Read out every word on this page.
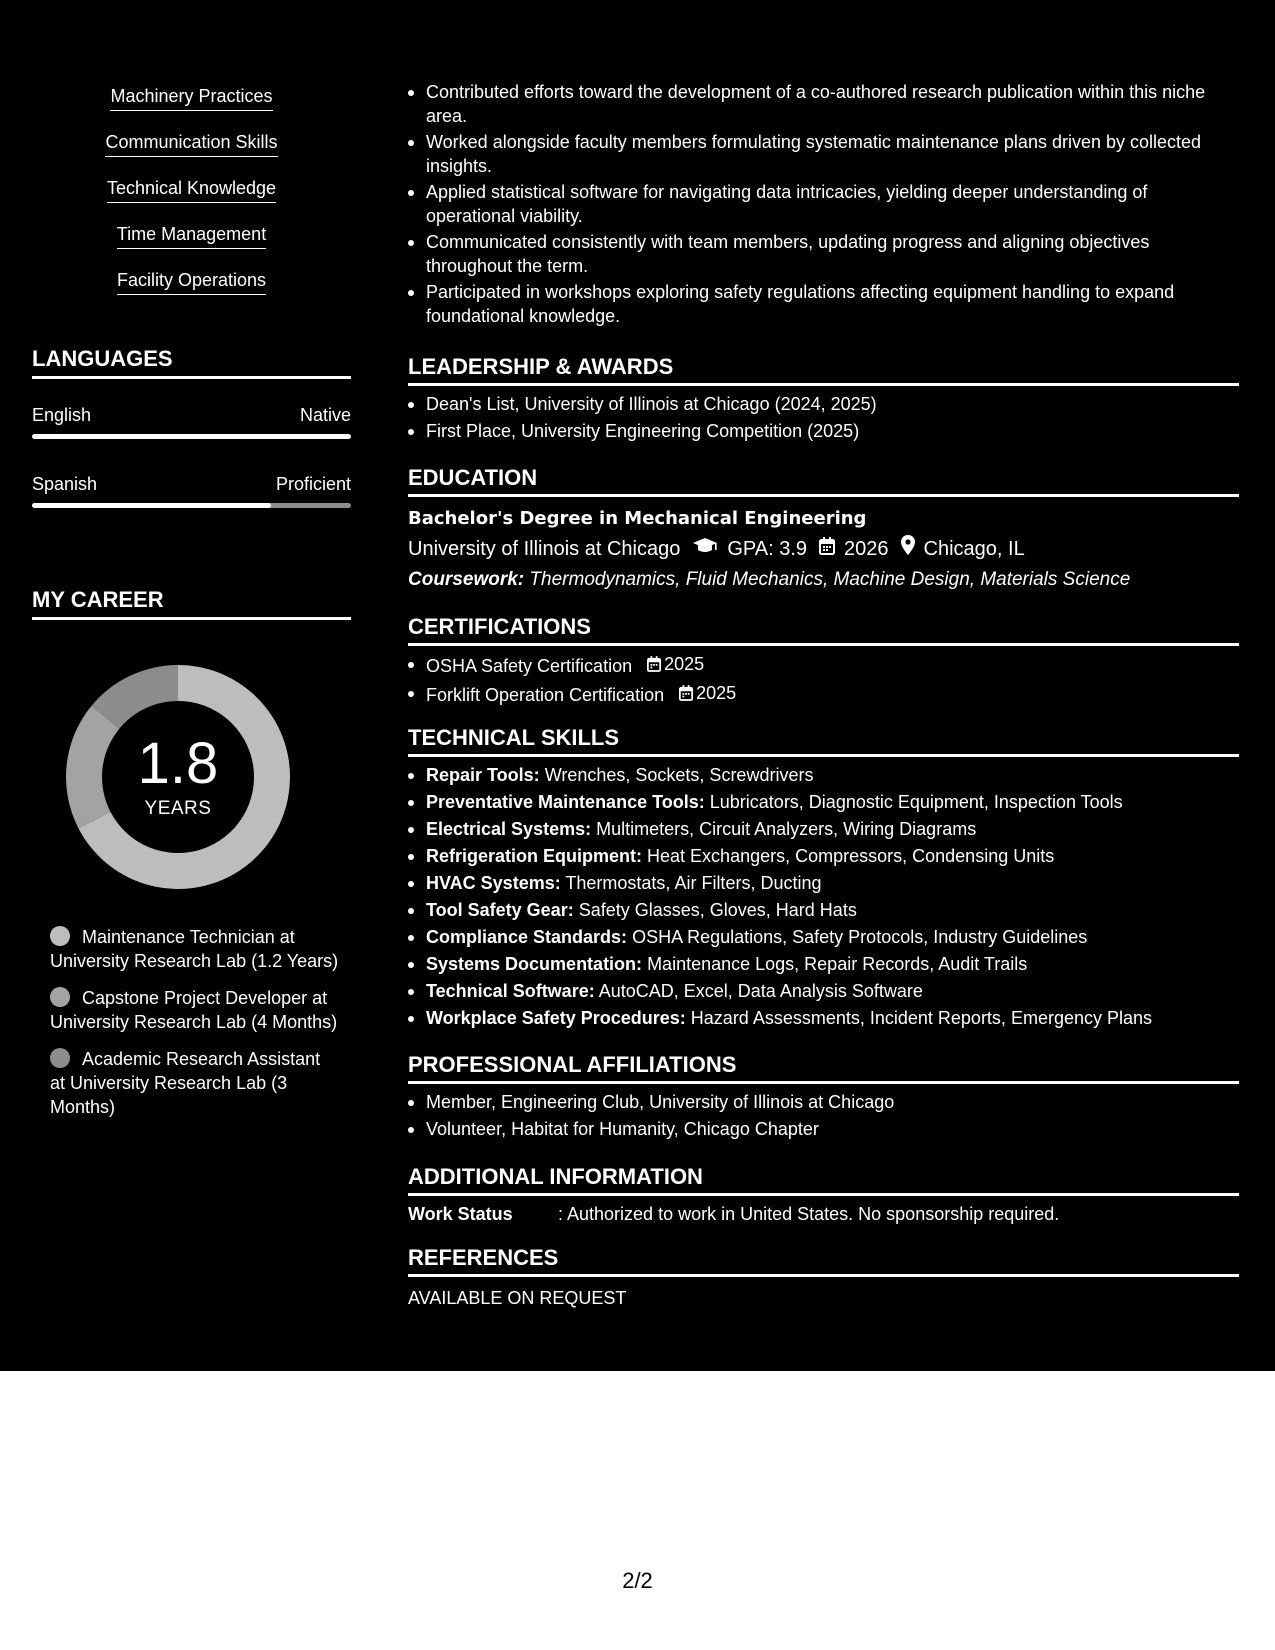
Machinery Practices
Communication Skills
Technical Knowledge
Time Management
Facility Operations
LANGUAGES
English	Native
Spanish	Proficient
MY CAREER
1.8
YEARS
Maintenance Technician at University Research Lab (1.2 Years)
Capstone Project Developer at University Research Lab (4 Months)
Academic Research Assistant at University Research Lab (3 Months)
Contributed efforts toward the development of a co-authored research publication within this niche area.
Worked alongside faculty members formulating systematic maintenance plans driven by collected insights.
Applied statistical software for navigating data intricacies, yielding deeper understanding of operational viability.
Communicated consistently with team members, updating progress and aligning objectives throughout the term.
Participated in workshops exploring safety regulations affecting equipment handling to expand foundational knowledge.
LEADERSHIP & AWARDS
Dean's List, University of Illinois at Chicago (2024, 2025)
First Place, University Engineering Competition (2025)
EDUCATION
Bachelor's Degree in Mechanical Engineering
University of Illinois at Chicago GPA: 3.9 2026 Chicago, IL
Coursework: Thermodynamics, Fluid Mechanics, Machine Design, Materials Science
CERTIFICATIONS
OSHA Safety Certification 2025
Forklift Operation Certification 2025
TECHNICAL SKILLS
Repair Tools: Wrenches, Sockets, Screwdrivers
Preventative Maintenance Tools: Lubricators, Diagnostic Equipment, Inspection Tools
Electrical Systems: Multimeters, Circuit Analyzers, Wiring Diagrams
Refrigeration Equipment: Heat Exchangers, Compressors, Condensing Units
HVAC Systems: Thermostats, Air Filters, Ducting
Tool Safety Gear: Safety Glasses, Gloves, Hard Hats
Compliance Standards: OSHA Regulations, Safety Protocols, Industry Guidelines
Systems Documentation: Maintenance Logs, Repair Records, Audit Trails
Technical Software: AutoCAD, Excel, Data Analysis Software
Workplace Safety Procedures: Hazard Assessments, Incident Reports, Emergency Plans
PROFESSIONAL AFFILIATIONS
Member, Engineering Club, University of Illinois at Chicago
Volunteer, Habitat for Humanity, Chicago Chapter
ADDITIONAL INFORMATION
Work Status	: Authorized to work in United States. No sponsorship required.
REFERENCES
AVAILABLE ON REQUEST
2/2
